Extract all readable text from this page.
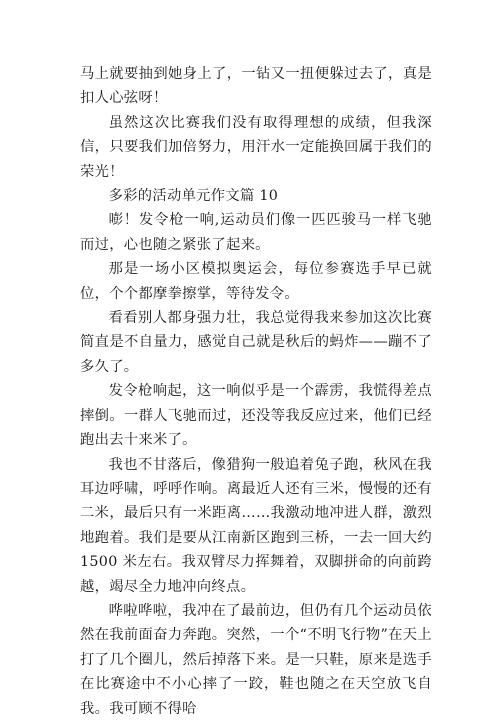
马上就要抽到她身上了，一钻又一扭便躲过去了，真是扣人心弦呀！

虽然这次比赛我们没有取得理想的成绩，但我深信，只要我们加倍努力，用汗水一定能换回属于我们的荣光！

多彩的活动单元作文篇 10

嘭！发令枪一响,运动员们像一匹匹骏马一样飞驰而过，心也随之紧张了起来。

那是一场小区模拟奥运会，每位参赛选手早已就位，个个都摩拳擦掌，等待发令。

看看别人都身强力壮，我总觉得我来参加这次比赛简直是不自量力，感觉自己就是秋后的蚂炸——蹦不了多久了。

发令枪响起，这一响似乎是一个霹雳，我慌得差点摔倒。一群人飞驰而过，还没等我反应过来，他们已经跑出去十来米了。

我也不甘落后，像猎狗一般追着兔子跑，秋风在我耳边呼啸，呼呼作响。离最近人还有三米，慢慢的还有二米，最后只有一米距离……我激动地冲进人群，激烈地跑着。我们是要从江南新区跑到三桥，一去一回大约 1500 米左右。我双臂尽力挥舞着，双脚拼命的向前跨越，竭尽全力地冲向终点。

哗啦哗啦，我冲在了最前边，但仍有几个运动员依然在我前面奋力奔跑。突然，一个“不明飞行物”在天上打了几个圈儿，然后掉落下来。是一只鞋，原来是选手在比赛途中不小心摔了一跤，鞋也随之在天空放飞自我。我可顾不得哈
